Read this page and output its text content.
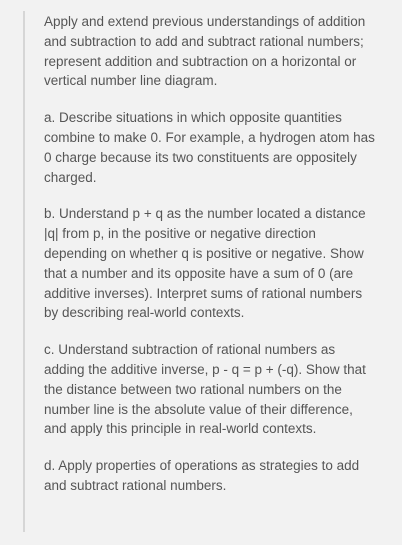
Apply and extend previous understandings of addition and subtraction to add and subtract rational numbers; represent addition and subtraction on a horizontal or vertical number line diagram.

a. Describe situations in which opposite quantities combine to make 0. For example, a hydrogen atom has 0 charge because its two constituents are oppositely charged.

b. Understand p + q as the number located a distance |q| from p, in the positive or negative direction depending on whether q is positive or negative. Show that a number and its opposite have a sum of 0 (are additive inverses). Interpret sums of rational numbers by describing real-world contexts.

c. Understand subtraction of rational numbers as adding the additive inverse, p - q = p + (-q). Show that the distance between two rational numbers on the number line is the absolute value of their difference, and apply this principle in real-world contexts.

d. Apply properties of operations as strategies to add and subtract rational numbers.
